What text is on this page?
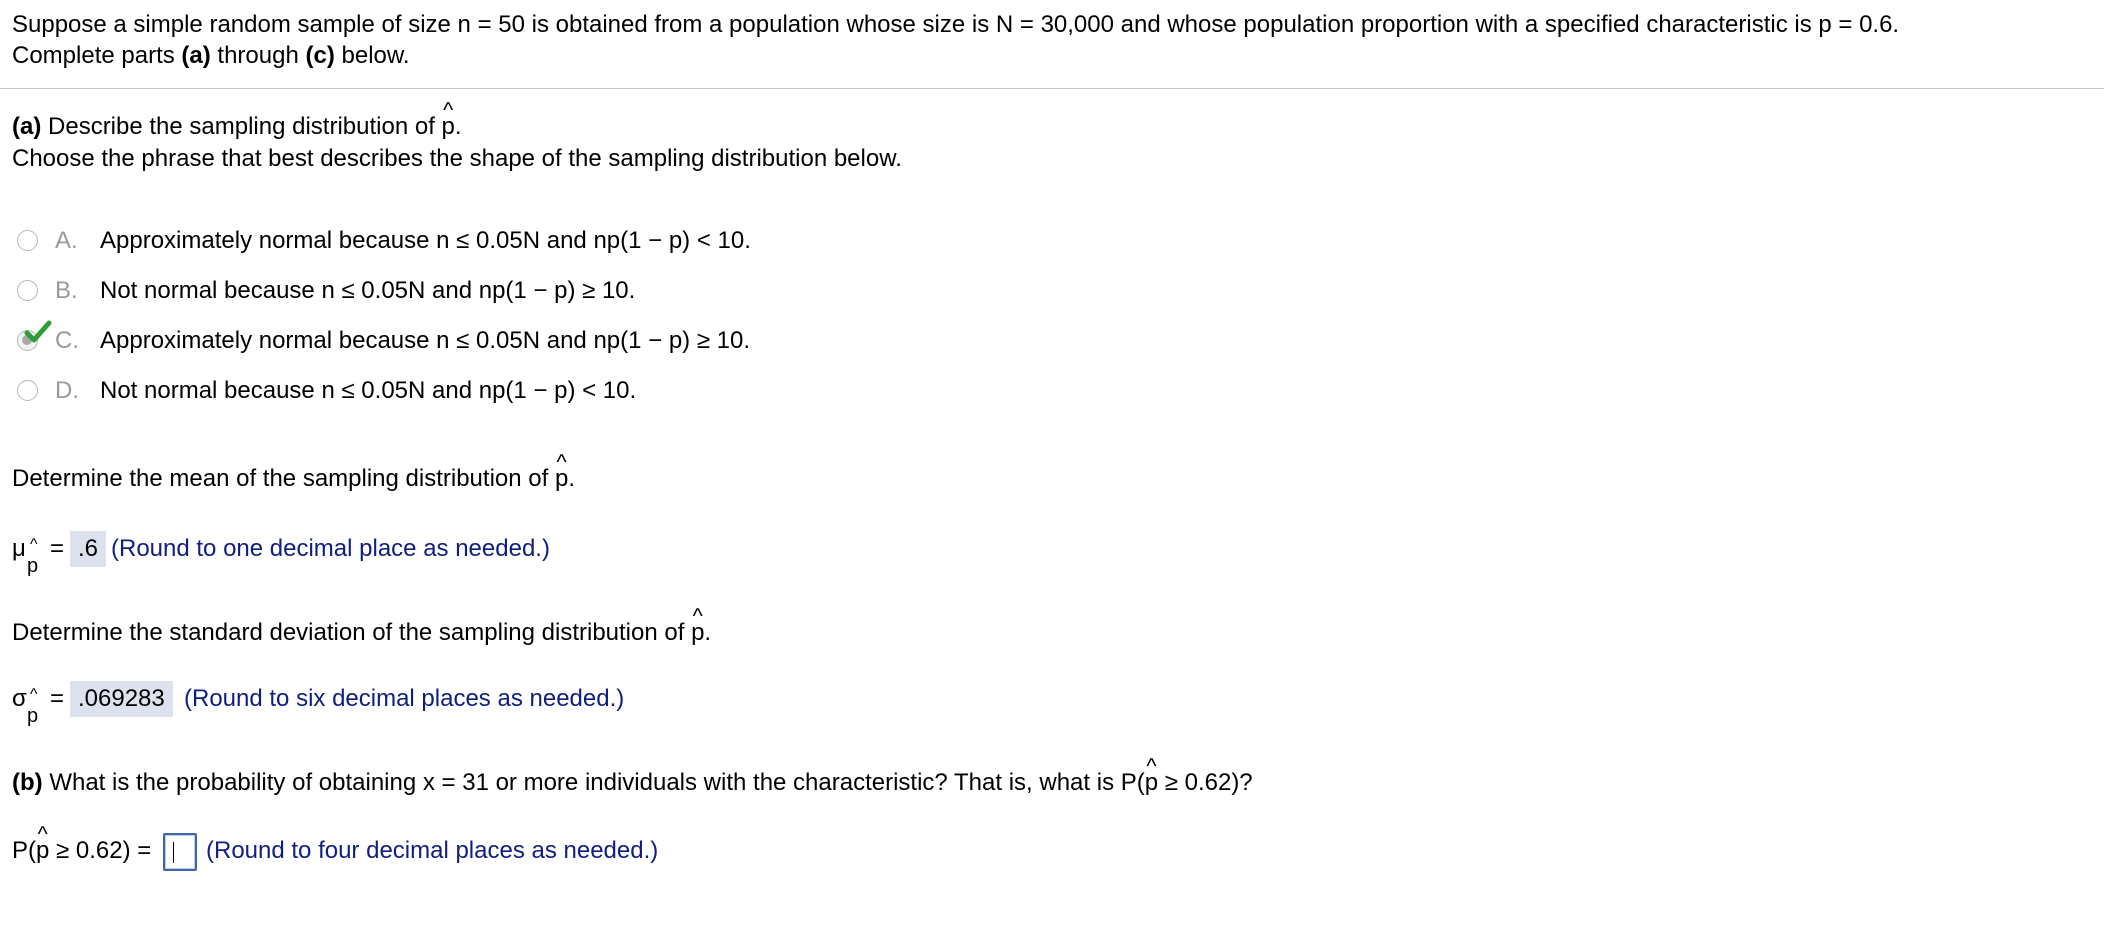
Suppose a simple random sample of size n = 50 is obtained from a population whose size is N = 30,000 and whose population proportion with a specified characteristic is p = 0.6.
Complete parts (a) through (c) below.
(a) Describe the sampling distribution of ^ p.
Choose the phrase that best describes the shape of the sampling distribution below.
A. Approximately normal because n ≤ 0.05N and np(1 − p) < 10.
B. Not normal because n ≤ 0.05N and np(1 − p) ≥ 10.
C. Approximately normal because n ≤ 0.05N and np(1 − p) ≥ 10.
D. Not normal because n ≤ 0.05N and np(1 − p) < 10.
Determine the mean of the sampling distribution of ^ p.
μ ^
p
= .6 (Round to one decimal place as needed.)
Determine the standard deviation of the sampling distribution of ^ p.
σ ^
p
= .069283 (Round to six decimal places as needed.)
(b) What is the probability of obtaining x = 31 or more individuals with the characteristic? That is, what is P(^ p ≥ 0.62)?
P(^ p ≥ 0.62) = (Round to four decimal places as needed.)
